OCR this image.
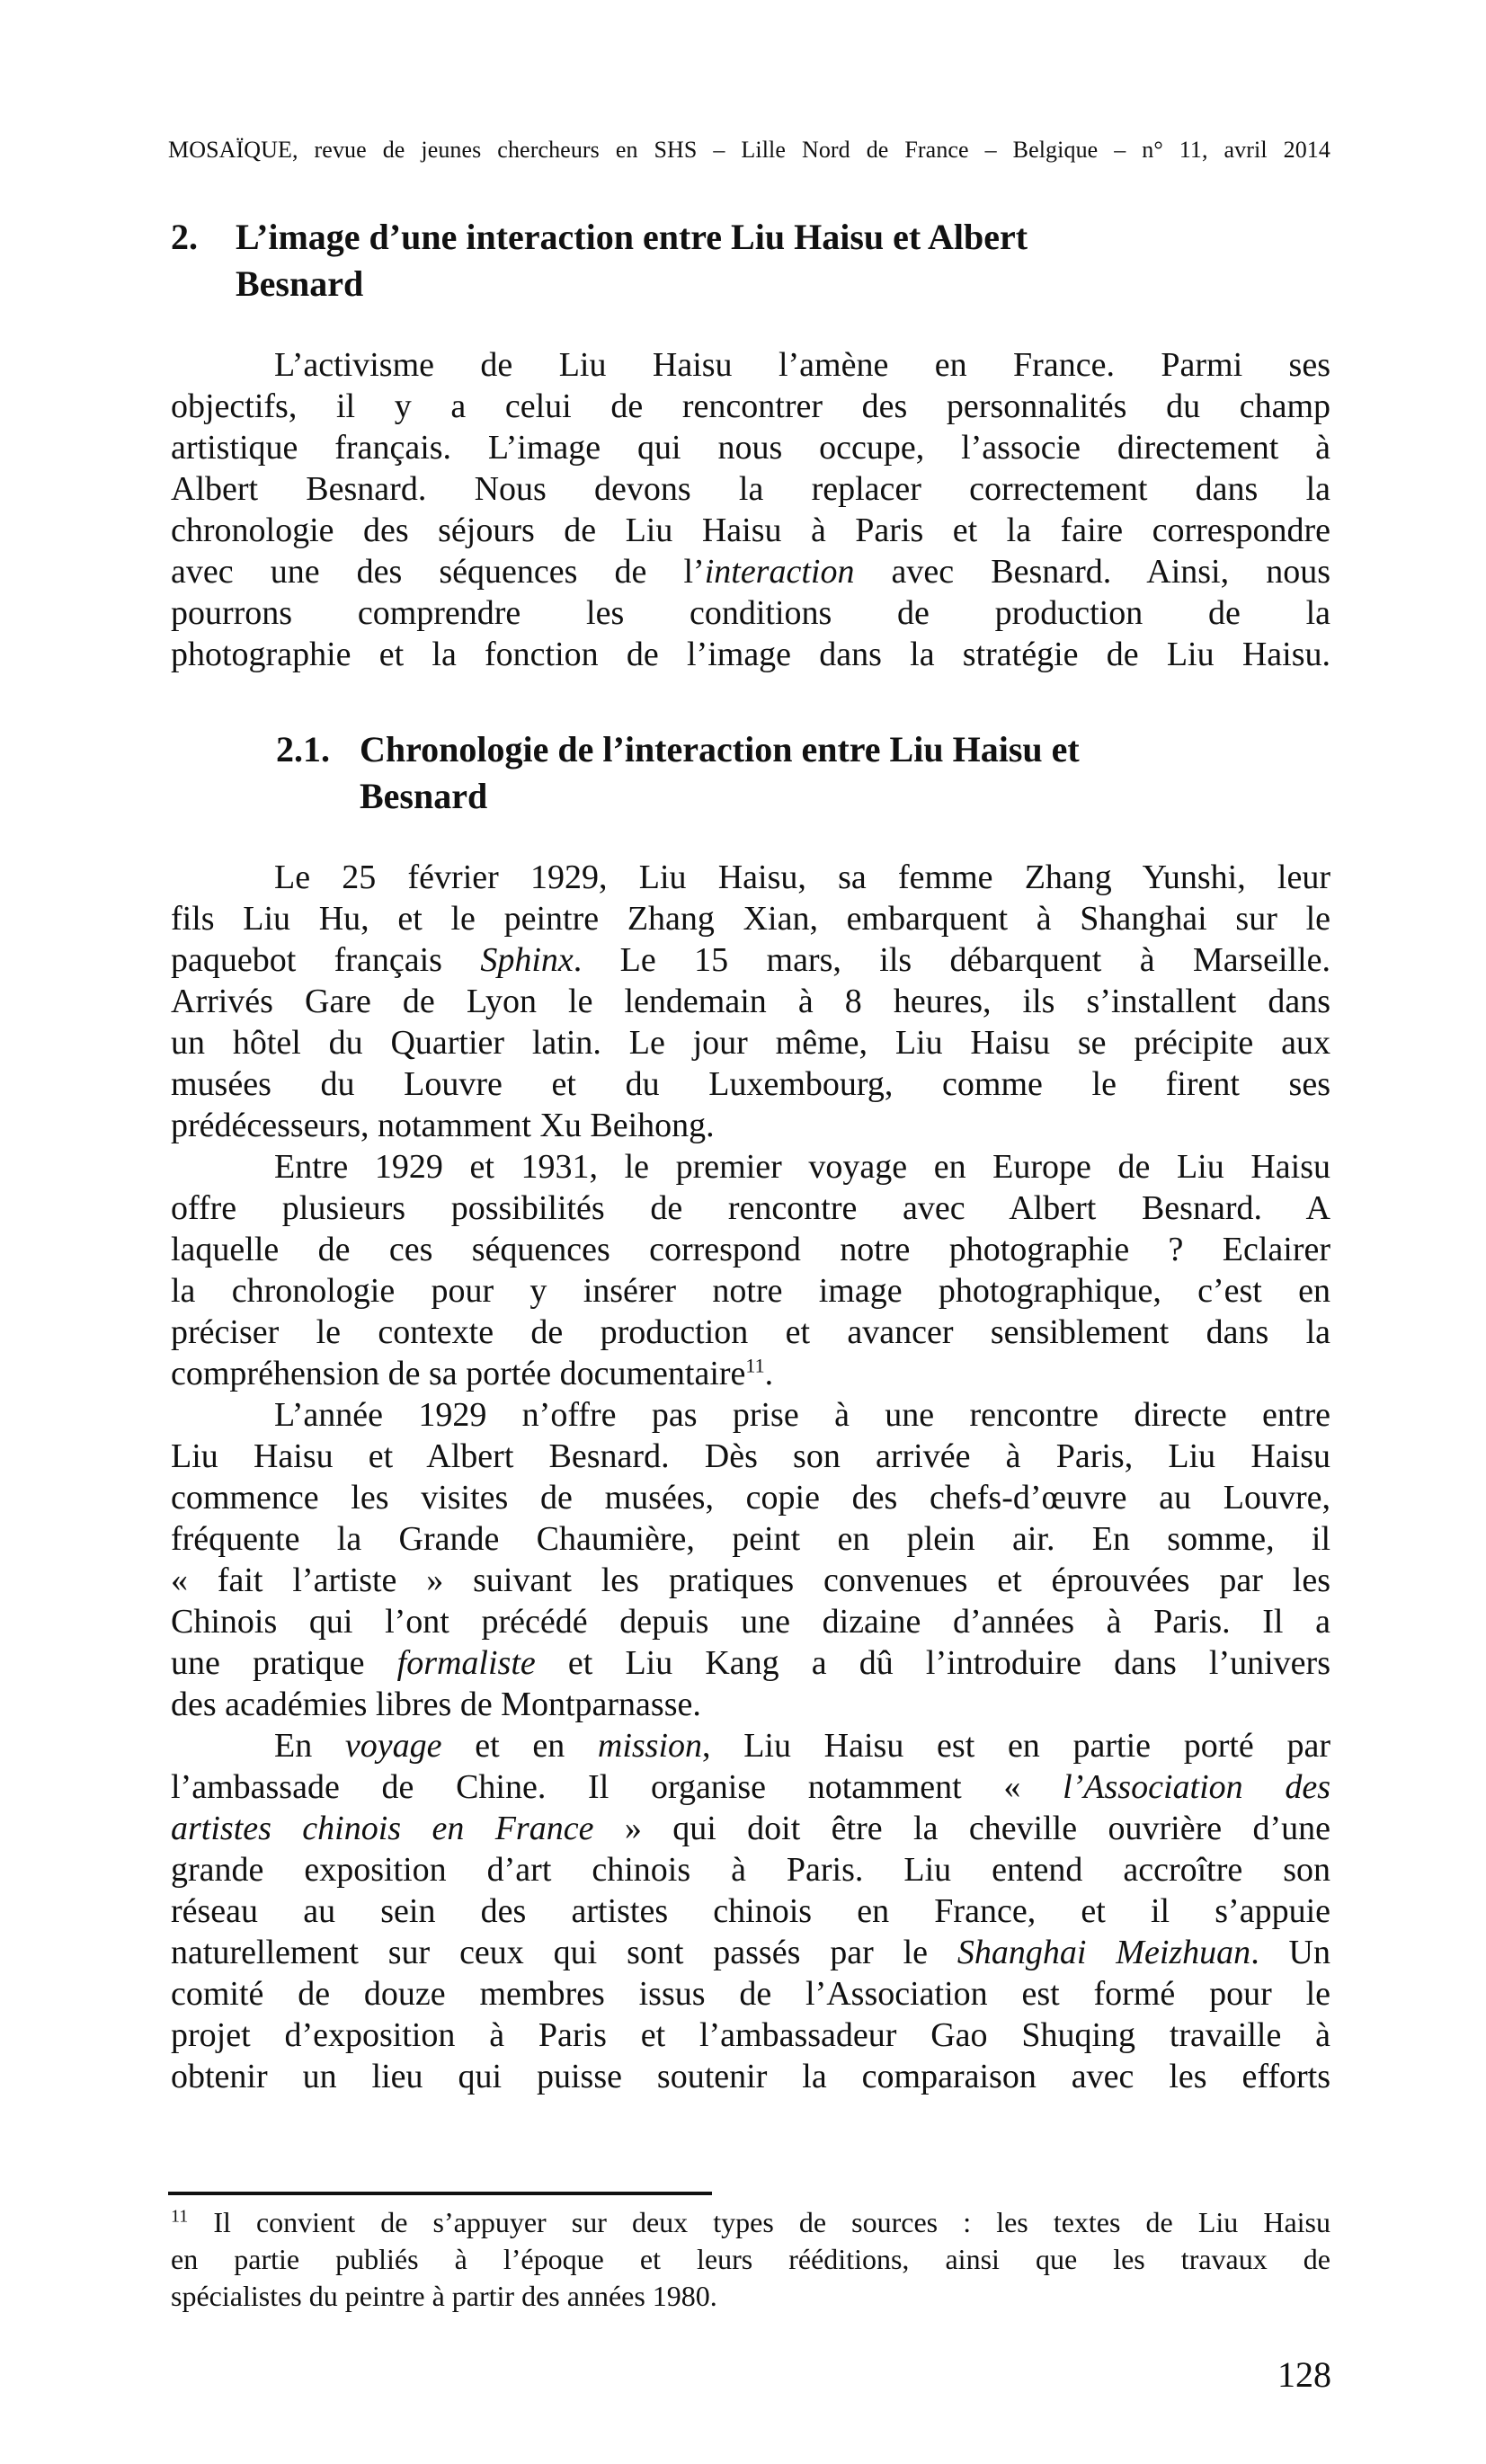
MOSAÏQUE, revue de jeunes chercheurs en SHS – Lille Nord de France – Belgique – n° 11, avril 2014
2. L’image d’une interaction entre Liu Haisu et Albert
Besnard
L’activisme de Liu Haisu l’amène en France. Parmi ses
objectifs, il y a celui de rencontrer des personnalités du champ
artistique français. L’image qui nous occupe, l’associe directement à
Albert Besnard. Nous devons la replacer correctement dans la
chronologie des séjours de Liu Haisu à Paris et la faire correspondre
avec une des séquences de l’interaction avec Besnard. Ainsi, nous
pourrons comprendre les conditions de production de la
photographie et la fonction de l’image dans la stratégie de Liu Haisu.
2.1. Chronologie de l’interaction entre Liu Haisu et
Besnard
Le 25 février 1929, Liu Haisu, sa femme Zhang Yunshi, leur
fils Liu Hu, et le peintre Zhang Xian, embarquent à Shanghai sur le
paquebot français Sphinx. Le 15 mars, ils débarquent à Marseille.
Arrivés Gare de Lyon le lendemain à 8 heures, ils s’installent dans
un hôtel du Quartier latin. Le jour même, Liu Haisu se précipite aux
musées du Louvre et du Luxembourg, comme le firent ses
prédécesseurs, notamment Xu Beihong.
Entre 1929 et 1931, le premier voyage en Europe de Liu Haisu
offre plusieurs possibilités de rencontre avec Albert Besnard. A
laquelle de ces séquences correspond notre photographie ? Eclairer
la chronologie pour y insérer notre image photographique, c’est en
préciser le contexte de production et avancer sensiblement dans la
compréhension de sa portée documentaire$^{11}$.
L’année 1929 n’offre pas prise à une rencontre directe entre
Liu Haisu et Albert Besnard. Dès son arrivée à Paris, Liu Haisu
commence les visites de musées, copie des chefs-d’œuvre au Louvre,
fréquente la Grande Chaumière, peint en plein air. En somme, il
« fait l’artiste » suivant les pratiques convenues et éprouvées par les
Chinois qui l’ont précédé depuis une dizaine d’années à Paris. Il a
une pratique formaliste et Liu Kang a dû l’introduire dans l’univers
des académies libres de Montparnasse.
En voyage et en mission, Liu Haisu est en partie porté par
l’ambassade de Chine. Il organise notamment « l’Association des
artistes chinois en France » qui doit être la cheville ouvrière d’une
grande exposition d’art chinois à Paris. Liu entend accroître son
réseau au sein des artistes chinois en France, et il s’appuie
naturellement sur ceux qui sont passés par le Shanghai Meizhuan. Un
comité de douze membres issus de l’Association est formé pour le
projet d’exposition à Paris et l’ambassadeur Gao Shuqing travaille à
obtenir un lieu qui puisse soutenir la comparaison avec les efforts
$^{11}$ Il convient de s’appuyer sur deux types de sources : les textes de Liu Haisu
en partie publiés à l’époque et leurs rééditions, ainsi que les travaux de
spécialistes du peintre à partir des années 1980.
128
